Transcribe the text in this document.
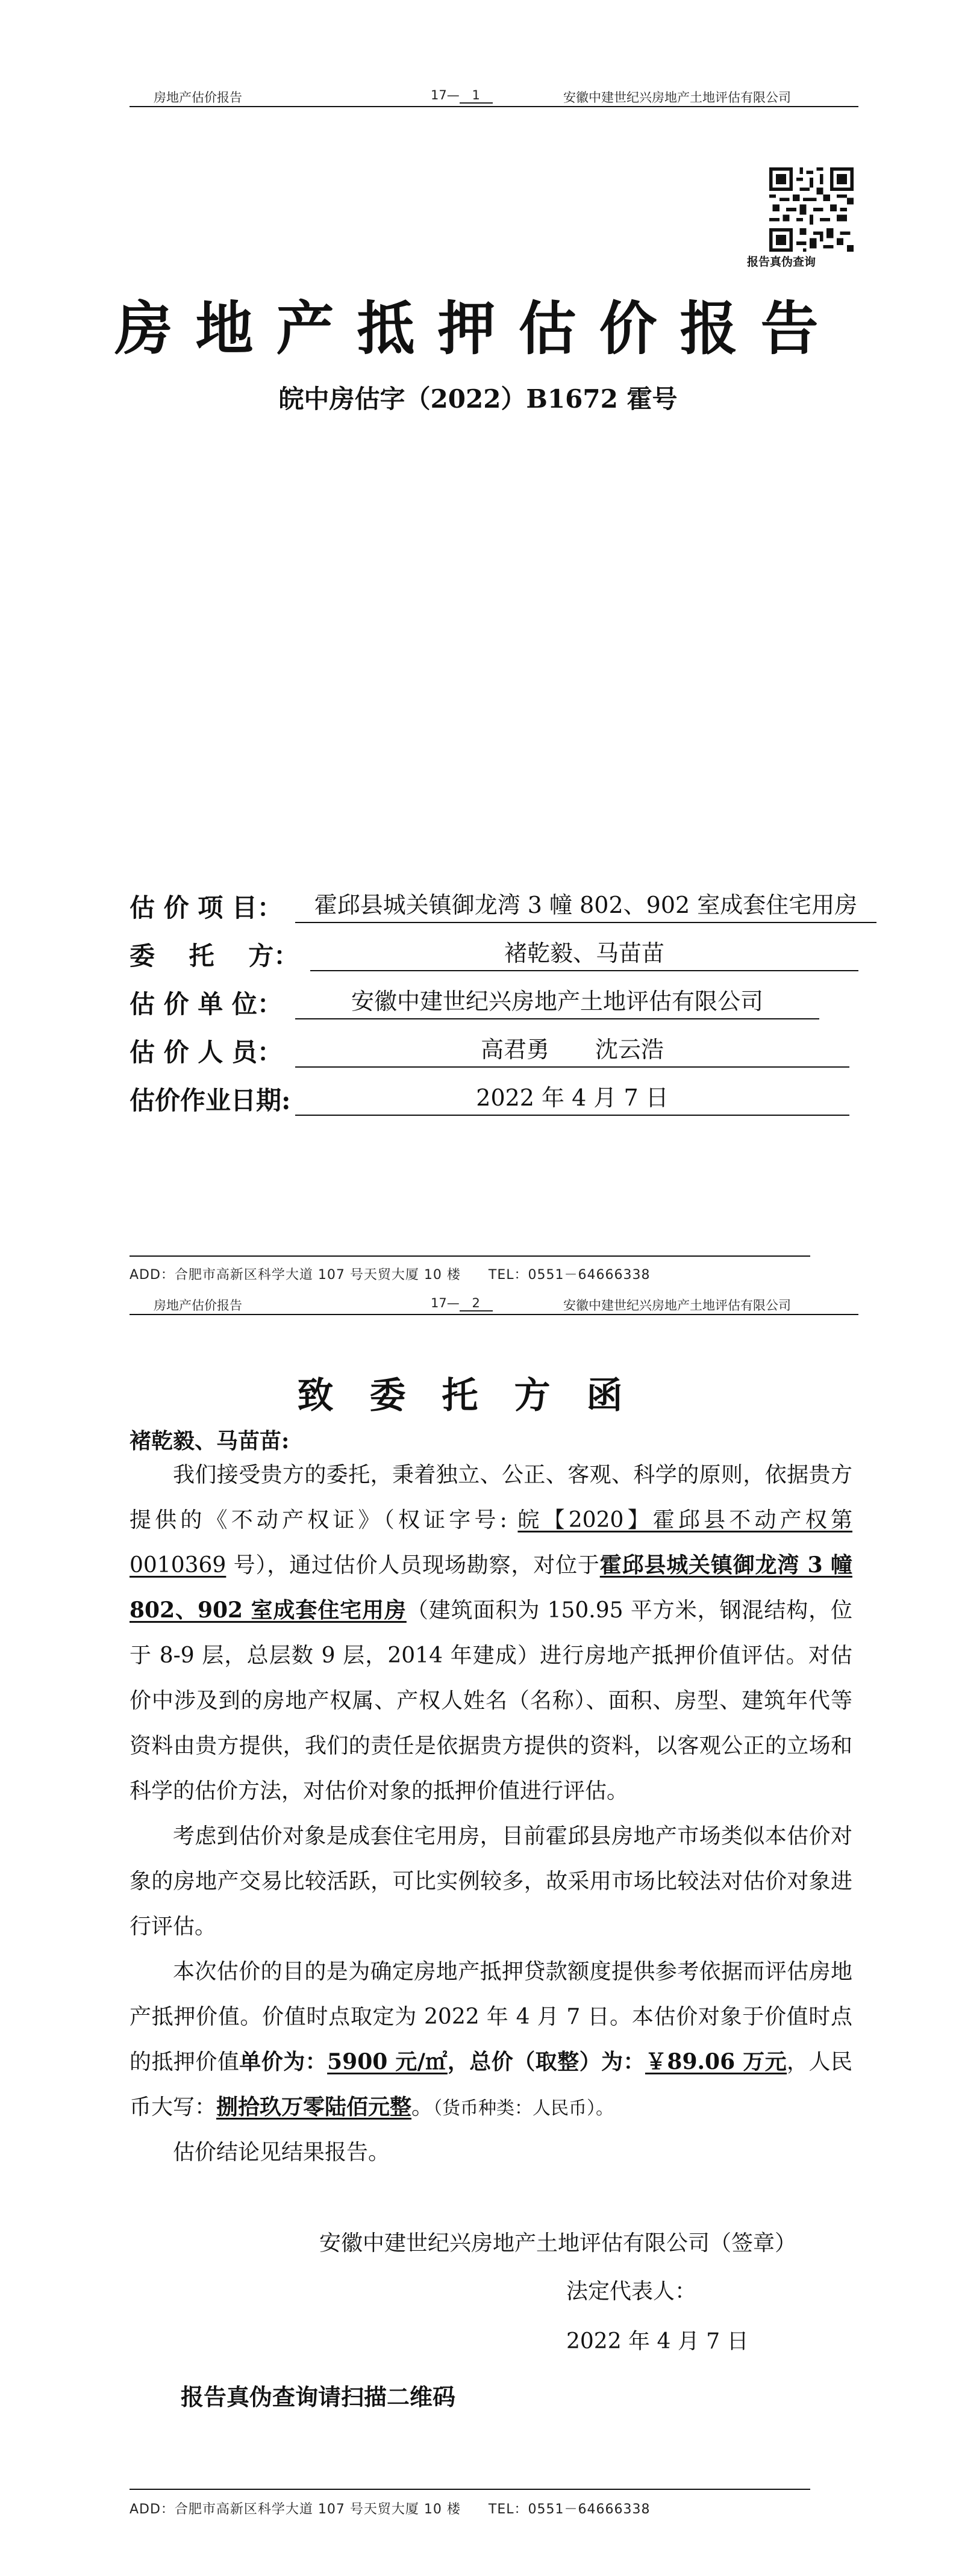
房地产估价报告	17— 1	安徽中建世纪兴房地产土地评估有限公司
报告真伪查询
房地产抵押估价报告
皖中房估字（2022）B1672 霍号
估 价 项 目：	霍邱县城关镇御龙湾 3 幢 802、902 室成套住宅用房
委　 托　 方：	褚乾毅、马苗苗
估 价 单 位：	安徽中建世纪兴房地产土地评估有限公司
估 价 人 员：	高君勇　　沈云浩
估价作业日期:	2022 年 4 月 7 日
ADD：合肥市高新区科学大道 107 号天贸大厦 10 楼　　TEL：0551－64666338
房地产估价报告	17— 2	安徽中建世纪兴房地产土地评估有限公司
致委托方函
褚乾毅、马苗苗:
我们接受贵方的委托，秉着独立、公正、客观、科学的原则，依据贵方提供的《不动产权证》（权证字号: 皖【2020】霍邱县不动产权第 0010369 号），通过估价人员现场勘察，对位于霍邱县城关镇御龙湾 3 幢 802、902 室成套住宅用房（建筑面积为 150.95 平方米，钢混结构，位于 8-9 层，总层数 9 层，2014 年建成）进行房地产抵押价值评估。对估价中涉及到的房地产权属、产权人姓名（名称）、面积、房型、建筑年代等资料由贵方提供，我们的责任是依据贵方提供的资料，以客观公正的立场和科学的估价方法，对估价对象的抵押价值进行评估。
考虑到估价对象是成套住宅用房，目前霍邱县房地产市场类似本估价对象的房地产交易比较活跃，可比实例较多，故采用市场比较法对估价对象进行评估。
本次估价的目的是为确定房地产抵押贷款额度提供参考依据而评估房地产抵押价值。价值时点取定为 2022 年 4 月 7 日。本估价对象于价值时点的抵押价值单价为：5900 元/㎡，总价（取整）为：￥89.06 万元，人民币大写：捌拾玖万零陆佰元整。（货币种类：人民币）。
估价结论见结果报告。
安徽中建世纪兴房地产土地评估有限公司（签章）
法定代表人：
2022 年 4 月 7 日
报告真伪查询请扫描二维码
ADD：合肥市高新区科学大道 107 号天贸大厦 10 楼　　TEL：0551－64666338
